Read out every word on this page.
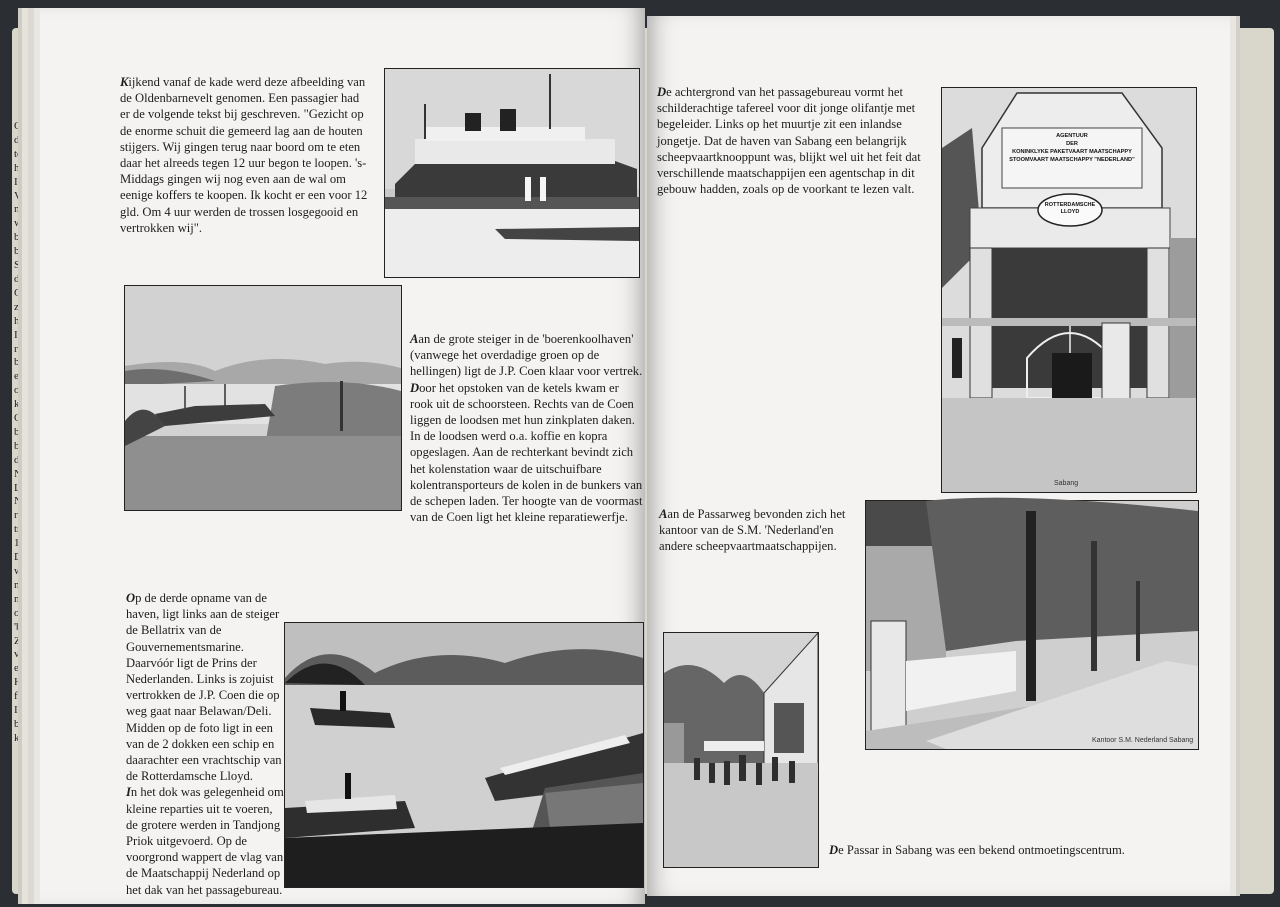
O
de
te
he
In
V
m
w
bi
bi
Si
de
C
zu
he
In
ro
be
ex
op
ke
O
bi
be
de
N
Ll
N
re
tr
19
D
w
ni
ni
oc
'b
Zi
ve
e
H
fo
In
bo
ki
Kijkend vanaf de kade werd deze afbeelding van de Oldenbarnevelt genomen. Een passagier had er de volgende tekst bij geschreven. "Gezicht op de enorme schuit die gemeerd lag aan de houten stijgers. Wij gingen terug naar boord om te eten daar het alreeds tegen 12 uur begon te loopen. 's-Middags gingen wij nog even aan de wal om eenige koffers te koopen. Ik kocht er een voor 12 gld. Om 4 uur werden de trossen losgegooid en vertrokken wij".
Aan de grote steiger in de 'boerenkoolhaven' (vanwege het overdadige groen op de hellingen) ligt de J.P. Coen klaar voor vertrek. Door het opstoken van de ketels kwam er rook uit de schoorsteen. Rechts van de Coen liggen de loodsen met hun zinkplaten daken. In de loodsen werd o.a. koffie en kopra opgeslagen. Aan de rechterkant bevindt zich het kolenstation waar de uitschuifbare kolentransporteurs de kolen in de bunkers van de schepen laden. Ter hoogte van de voormast van de Coen ligt het kleine reparatiewerfje.
Op de derde opname van de haven, ligt links aan de steiger de Bellatrix van de Gouvernementsmarine. Daarvóór ligt de Prins der Nederlanden. Links is zojuist vertrokken de J.P. Coen die op weg gaat naar Belawan/Deli. Midden op de foto ligt in een van de 2 dokken een schip en daarachter een vrachtschip van de Rotterdamsche Lloyd.
In het dok was gelegenheid om kleine reparties uit te voeren, de grotere werden in Tandjong Priok uitgevoerd. Op de voorgrond wappert de vlag van de Maatschappij Nederland op het dak van het passagebureau.
De achtergrond van het passagebureau vormt het schilderachtige tafereel voor dit jonge olifantje met begeleider. Links op het muurtje zit een inlandse jongetje. Dat de haven van Sabang een belangrijk scheepvaartknooppunt was, blijkt wel uit het feit dat verschillende maatschappijen een agentschap in dit gebouw hadden, zoals op de voorkant te lezen valt.
AGENTUUR
DER
KONINKLYKE PAKETVAART MAATSCHAPPY
STOOMVAART MAATSCHAPPY "NEDERLAND"
ROTTERDAMSCHE LLOYD
Sabang
Aan de Passarweg bevonden zich het kantoor van de S.M. 'Nederland'en andere scheepvaartmaatschappijen.
Kantoor S.M. Nederland Sabang
De Passar in Sabang was een bekend ontmoetingscentrum.
